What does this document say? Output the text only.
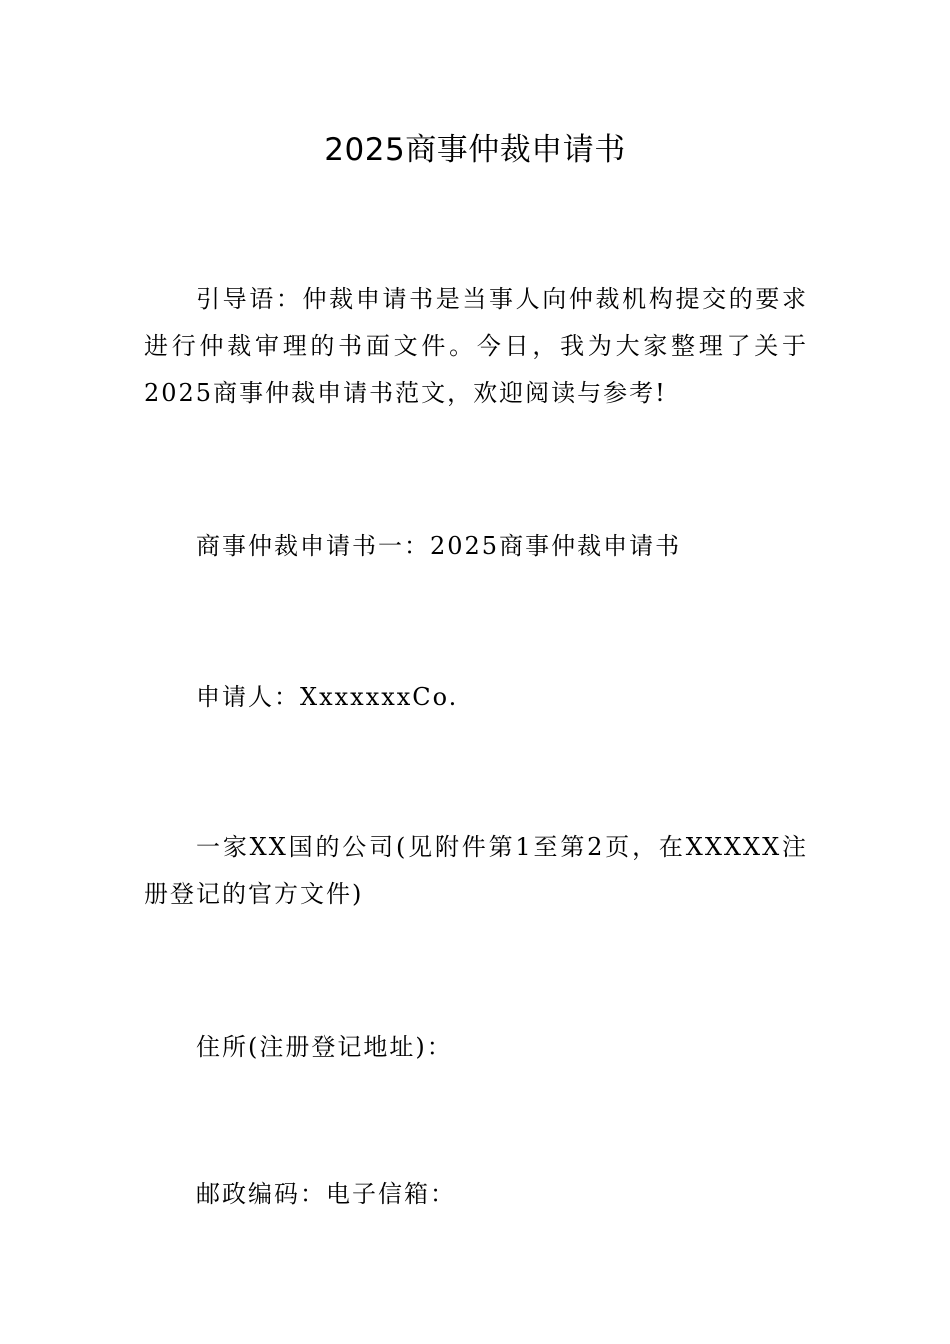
2025商事仲裁申请书

引导语：仲裁申请书是当事人向仲裁机构提交的要求进行仲裁审理的书面文件。今日，我为大家整理了关于2025商事仲裁申请书范文，欢迎阅读与参考!

商事仲裁申请书一：2025商事仲裁申请书

申请人：XxxxxxxCo.

一家XX国的公司(见附件第1至第2页，在XXXXX注册登记的官方文件)

住所(注册登记地址)：

邮政编码：电子信箱：
